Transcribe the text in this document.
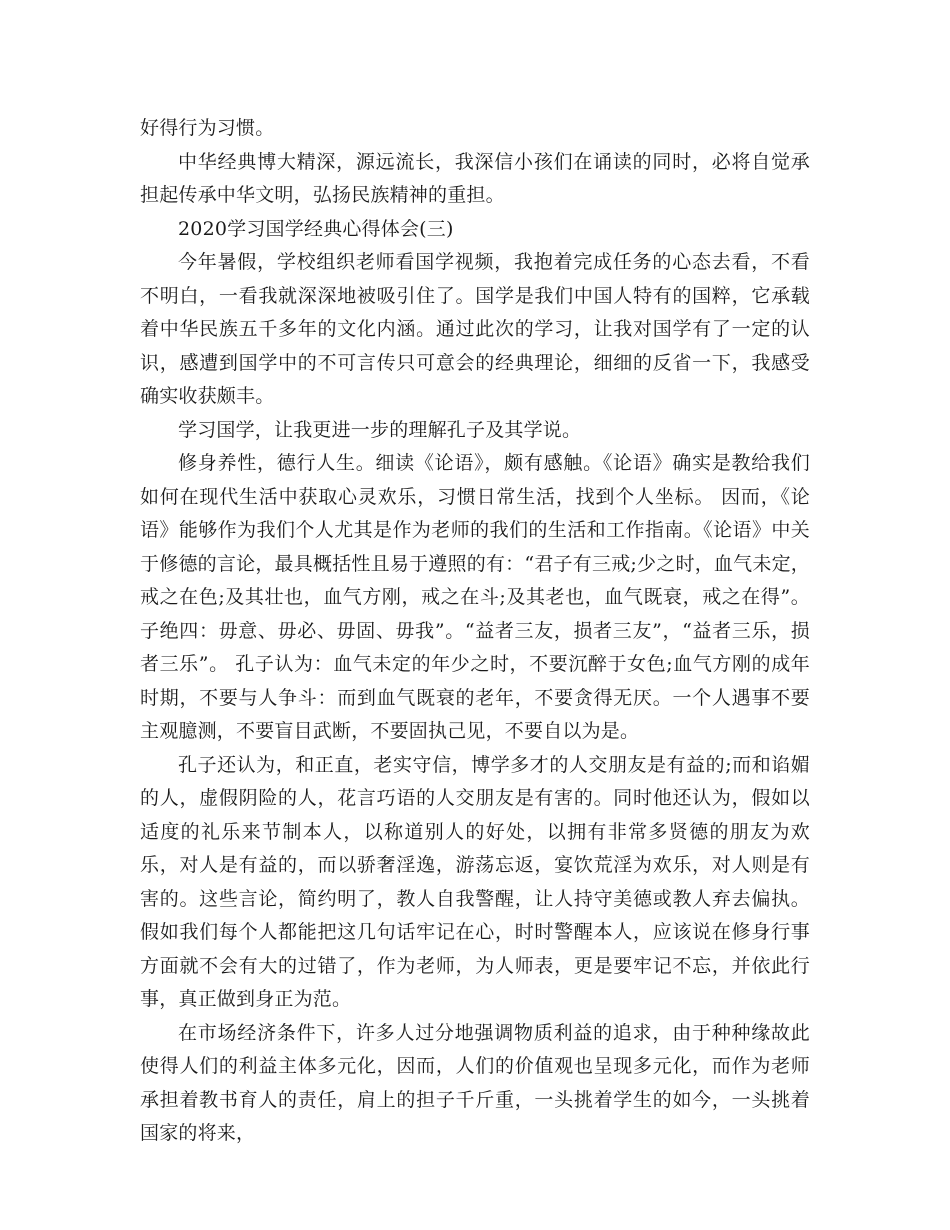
好得行为习惯。

中华经典博大精深，源远流长，我深信小孩们在诵读的同时，必将自觉承担起传承中华文明，弘扬民族精神的重担。

2020学习国学经典心得体会(三)

今年暑假，学校组织老师看国学视频，我抱着完成任务的心态去看，不看不明白，一看我就深深地被吸引住了。国学是我们中国人特有的国粹，它承载着中华民族五千多年的文化内涵。通过此次的学习，让我对国学有了一定的认识，感遭到国学中的不可言传只可意会的经典理论，细细的反省一下，我感受确实收获颇丰。

学习国学，让我更进一步的理解孔子及其学说。

修身养性，德行人生。细读《论语》，颇有感触。《论语》确实是教给我们如何在现代生活中获取心灵欢乐，习惯日常生活，找到个人坐标。 因而，《论语》能够作为我们个人尤其是作为老师的我们的生活和工作指南。《论语》中关于修德的言论，最具概括性且易于遵照的有：“君子有三戒;少之时，血气未定，戒之在色;及其壮也，血气方刚，戒之在斗;及其老也，血气既衰，戒之在得”。 子绝四：毋意、毋必、毋固、毋我”。“益者三友，损者三友”，“益者三乐，损者三乐”。 孔子认为：血气未定的年少之时，不要沉醉于女色;血气方刚的成年时期，不要与人争斗：而到血气既衰的老年，不要贪得无厌。一个人遇事不要主观臆测，不要盲目武断，不要固执己见，不要自以为是。

孔子还认为，和正直，老实守信，博学多才的人交朋友是有益的;而和谄媚的人，虚假阴险的人，花言巧语的人交朋友是有害的。同时他还认为，假如以适度的礼乐来节制本人，以称道别人的好处，以拥有非常多贤德的朋友为欢乐，对人是有益的，而以骄奢淫逸，游荡忘返，宴饮荒淫为欢乐，对人则是有害的。这些言论，简约明了，教人自我警醒，让人持守美德或教人弃去偏执。假如我们每个人都能把这几句话牢记在心，时时警醒本人，应该说在修身行事方面就不会有大的过错了，作为老师，为人师表，更是要牢记不忘，并依此行事，真正做到身正为范。

在市场经济条件下，许多人过分地强调物质利益的追求，由于种种缘故此使得人们的利益主体多元化，因而，人们的价值观也呈现多元化，而作为老师承担着教书育人的责任，肩上的担子千斤重，一头挑着学生的如今，一头挑着国家的将来，
